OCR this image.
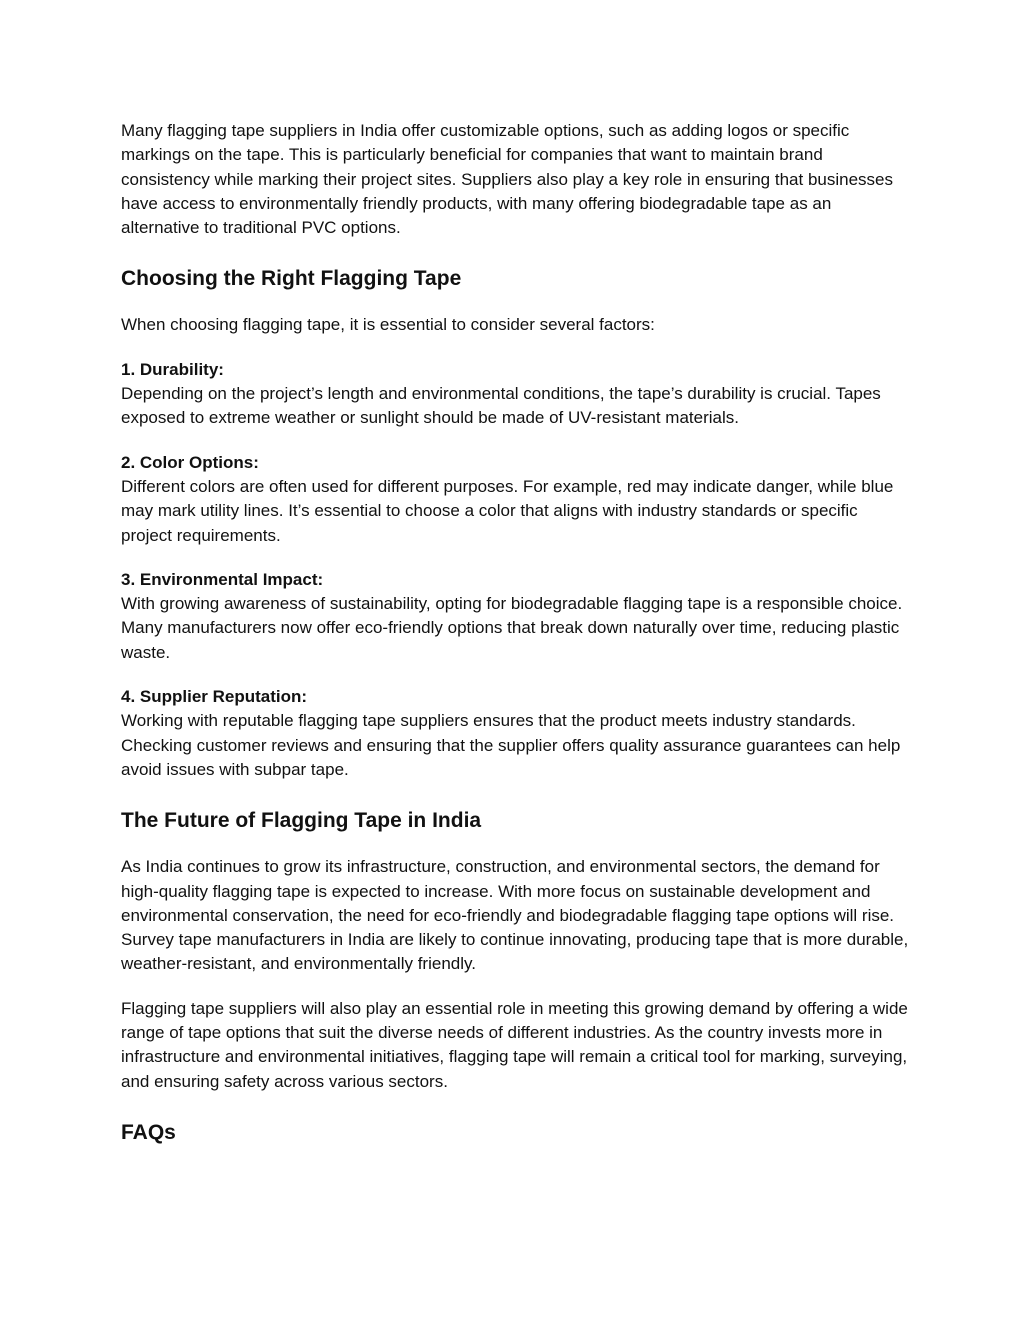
Many flagging tape suppliers in India offer customizable options, such as adding logos or specific markings on the tape. This is particularly beneficial for companies that want to maintain brand consistency while marking their project sites. Suppliers also play a key role in ensuring that businesses have access to environmentally friendly products, with many offering biodegradable tape as an alternative to traditional PVC options.

Choosing the Right Flagging Tape

When choosing flagging tape, it is essential to consider several factors:

1. Durability:
Depending on the project’s length and environmental conditions, the tape’s durability is crucial. Tapes exposed to extreme weather or sunlight should be made of UV-resistant materials.

2. Color Options:
Different colors are often used for different purposes. For example, red may indicate danger, while blue may mark utility lines. It’s essential to choose a color that aligns with industry standards or specific project requirements.

3. Environmental Impact:
With growing awareness of sustainability, opting for biodegradable flagging tape is a responsible choice. Many manufacturers now offer eco-friendly options that break down naturally over time, reducing plastic waste.

4. Supplier Reputation:
Working with reputable flagging tape suppliers ensures that the product meets industry standards. Checking customer reviews and ensuring that the supplier offers quality assurance guarantees can help avoid issues with subpar tape.

The Future of Flagging Tape in India

As India continues to grow its infrastructure, construction, and environmental sectors, the demand for high-quality flagging tape is expected to increase. With more focus on sustainable development and environmental conservation, the need for eco-friendly and biodegradable flagging tape options will rise. Survey tape manufacturers in India are likely to continue innovating, producing tape that is more durable, weather-resistant, and environmentally friendly.

Flagging tape suppliers will also play an essential role in meeting this growing demand by offering a wide range of tape options that suit the diverse needs of different industries. As the country invests more in infrastructure and environmental initiatives, flagging tape will remain a critical tool for marking, surveying, and ensuring safety across various sectors.

FAQs
